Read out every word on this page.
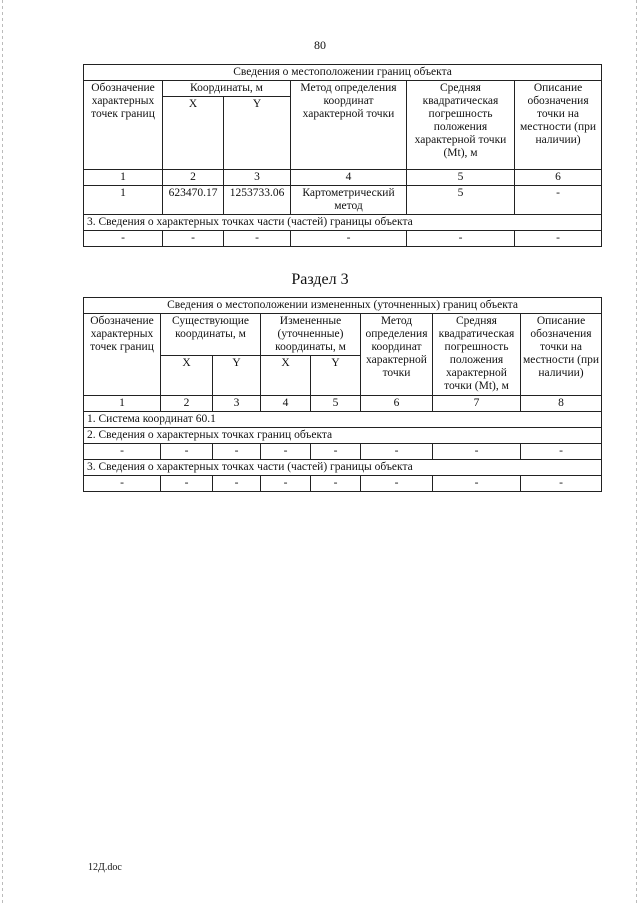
80
Сведения о местоположении границ объекта					
Обозначение характерных точек границ	Координаты, м		Метод определения координат характерной точки	Средняя квадратическая погрешность положения характерной точки (Mt), м	Описание обозначения точки на местности (при наличии)
	X	Y			
1	2	3	4	5	6
1	623470.17	1253733.06	Картометрический метод	5	-
3. Сведения о характерных точках части (частей) границы объекта					
-	-	-	-	-	-
Раздел 3
Сведения о местоположении измененных (уточненных) границ объекта							
Обозначение характерных точек границ	Существующие координаты, м		Измененные (уточненные) координаты, м		Метод определения координат характерной точки	Средняя квадратическая погрешность положения характерной точки (Mt), м	Описание обозначения точки на местности (при наличии)
	X	Y	X	Y			
1	2	3	4	5	6	7	8
1. Система координат 60.1							
2. Сведения о характерных точках границ объекта							
-	-	-	-	-	-	-	-
3. Сведения о характерных точках части (частей) границы объекта							
-	-	-	-	-	-	-	-
12Д.doc
